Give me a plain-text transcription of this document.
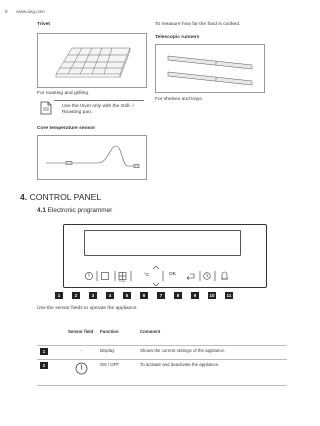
8 www.aeg.com
Trivet
For roasting and grilling.
Use the trivet only with the Grill- / Roasting pan.
Core temperature sensor
To measure how far the food is cooked.
Telescopic runners
For shelves and trays.
4. CONTROL PANEL
4.1 Electronic programmer
°C	OK
3 sec
1	2	3	4	5	6	7	8	9	10	11
Use the sensor fields to operate the appliance.
	Sensor field	Function	Comment
1	-	Display	Shows the current settings of the appliance.
2		ON / OFF	To activate and deactivate the appliance.
